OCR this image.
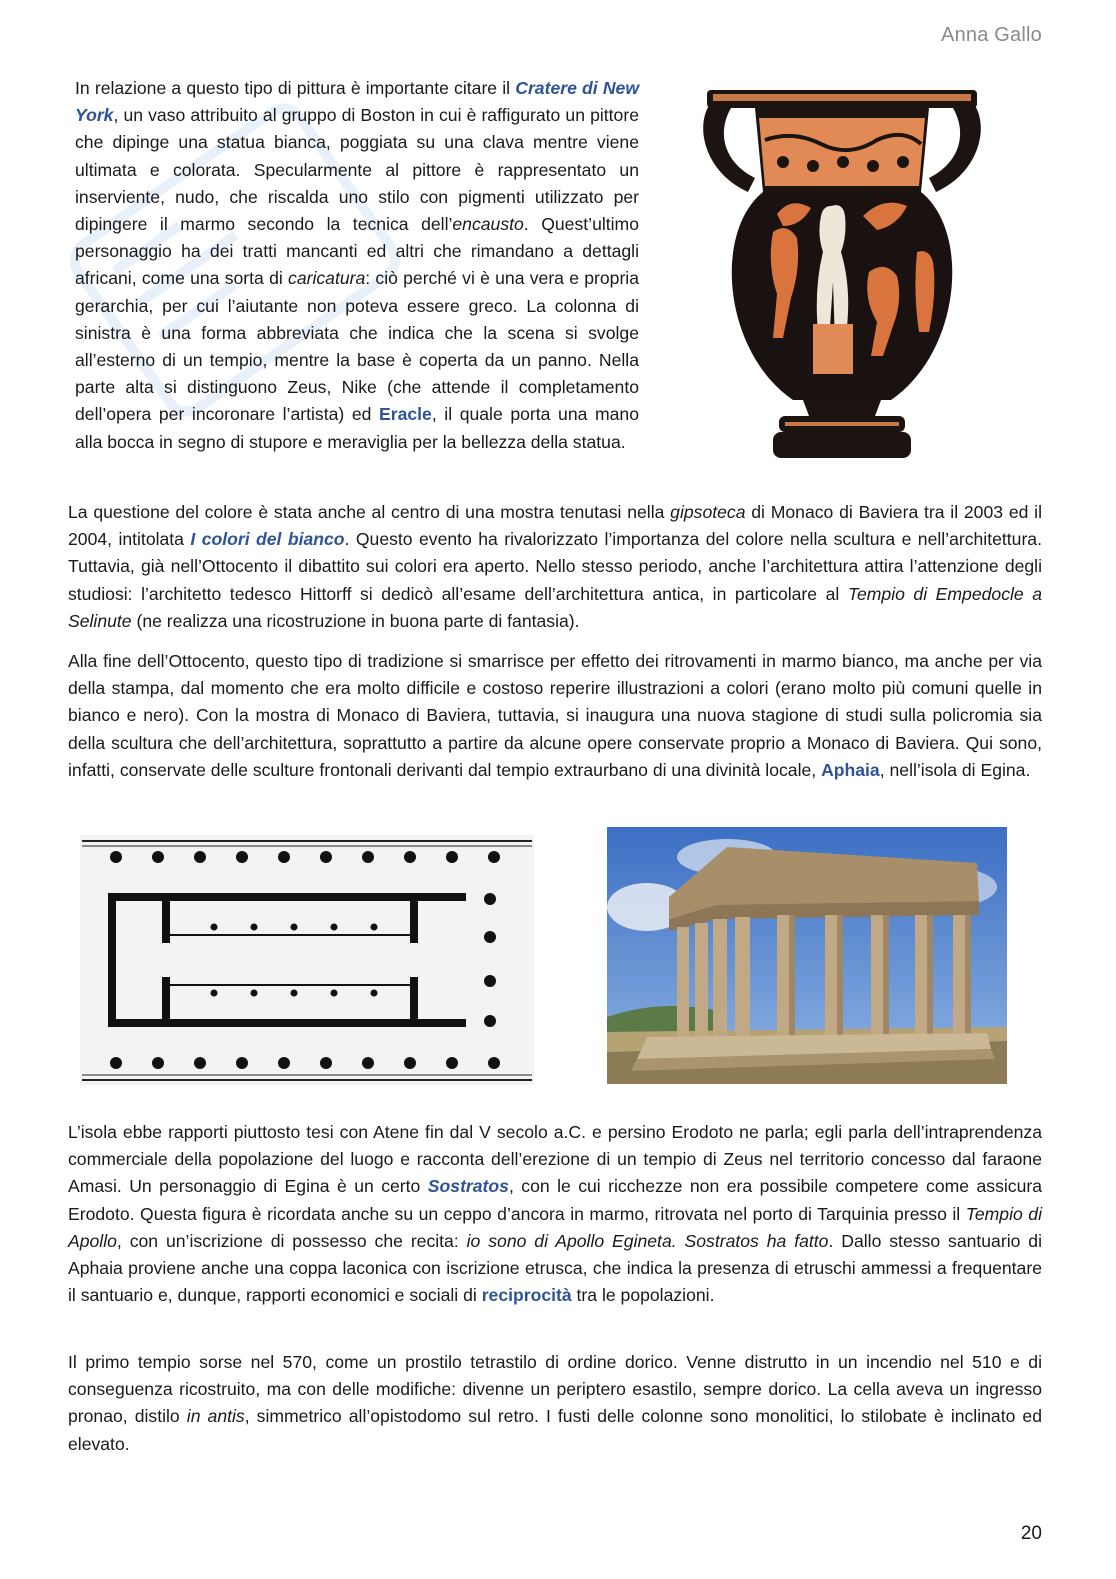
Anna Gallo

In relazione a questo tipo di pittura è importante citare il Cratere di New York, un vaso attribuito al gruppo di Boston in cui è raffigurato un pittore che dipinge una statua bianca, poggiata su una clava mentre viene ultimata e colorata. Specularmente al pittore è rappresentato un inserviente, nudo, che riscalda uno stilo con pigmenti utilizzato per dipingere il marmo secondo la tecnica dell’encausto. Quest’ultimo personaggio ha dei tratti mancanti ed altri che rimandano a dettagli africani, come una sorta di caricatura: ciò perché vi è una vera e propria gerarchia, per cui l’aiutante non poteva essere greco. La colonna di sinistra è una forma abbreviata che indica che la scena si svolge all’esterno di un tempio, mentre la base è coperta da un panno. Nella parte alta si distinguono Zeus, Nike (che attende il completamento dell’opera per incoronare l’artista) ed Eracle, il quale porta una mano alla bocca in segno di stupore e meraviglia per la bellezza della statua.

La questione del colore è stata anche al centro di una mostra tenutasi nella gipsoteca di Monaco di Baviera tra il 2003 ed il 2004, intitolata I colori del bianco. Questo evento ha rivalorizzato l’importanza del colore nella scultura e nell’architettura. Tuttavia, già nell’Ottocento il dibattito sui colori era aperto. Nello stesso periodo, anche l’architettura attira l’attenzione degli studiosi: l’architetto tedesco Hittorff si dedicò all’esame dell’architettura antica, in particolare al Tempio di Empedocle a Selinute (ne realizza una ricostruzione in buona parte di fantasia).

Alla fine dell’Ottocento, questo tipo di tradizione si smarrisce per effetto dei ritrovamenti in marmo bianco, ma anche per via della stampa, dal momento che era molto difficile e costoso reperire illustrazioni a colori (erano molto più comuni quelle in bianco e nero). Con la mostra di Monaco di Baviera, tuttavia, si inaugura una nuova stagione di studi sulla policromia sia della scultura che dell’architettura, soprattutto a partire da alcune opere conservate proprio a Monaco di Baviera. Qui sono, infatti, conservate delle sculture frontonali derivanti dal tempio extraurbano di una divinità locale, Aphaia, nell’isola di Egina.

L’isola ebbe rapporti piuttosto tesi con Atene fin dal V secolo a.C. e persino Erodoto ne parla; egli parla dell’intraprendenza commerciale della popolazione del luogo e racconta dell’erezione di un tempio di Zeus nel territorio concesso dal faraone Amasi. Un personaggio di Egina è un certo Sostratos, con le cui ricchezze non era possibile competere come assicura Erodoto. Questa figura è ricordata anche su un ceppo d’ancora in marmo, ritrovata nel porto di Tarquinia presso il Tempio di Apollo, con un’iscrizione di possesso che recita: io sono di Apollo Egineta. Sostratos ha fatto. Dallo stesso santuario di Aphaia proviene anche una coppa laconica con iscrizione etrusca, che indica la presenza di etruschi ammessi a frequentare il santuario e, dunque, rapporti economici e sociali di reciprocità tra le popolazioni.

Il primo tempio sorse nel 570, come un prostilo tetrastilo di ordine dorico. Venne distrutto in un incendio nel 510 e di conseguenza ricostruito, ma con delle modifiche: divenne un periptero esastilo, sempre dorico. La cella aveva un ingresso pronao, distilo in antis, simmetrico all’opistodomo sul retro. I fusti delle colonne sono monolitici, lo stilobate è inclinato ed elevato.

20
